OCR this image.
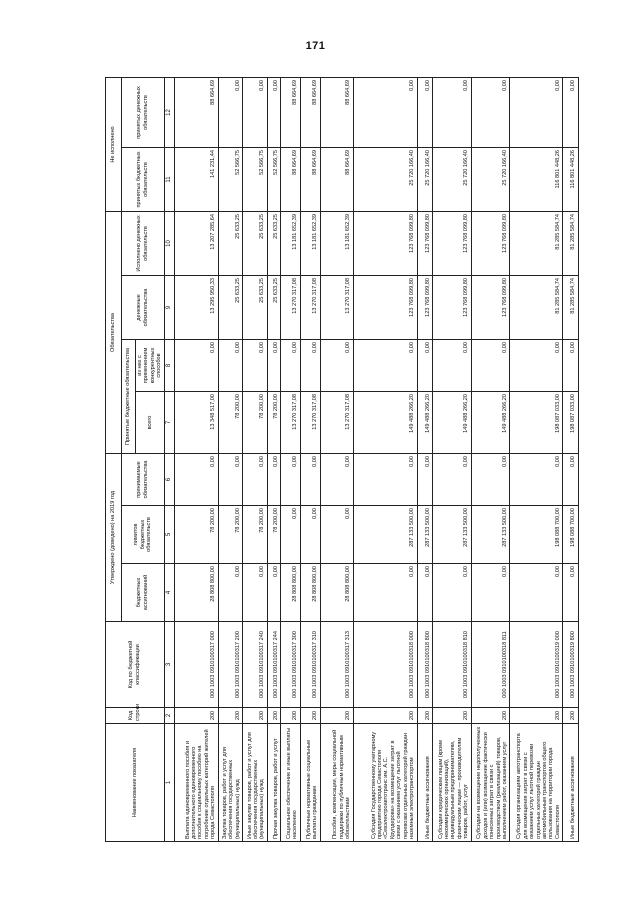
171
Наименование показателя	Код строки	Код по бюджетной классификации	Утверждено (доведено) на 2019 год			Обязательства				Не исполнено	
			бюджетных ассигнований	лимитов бюджетных обязательств	принимаемые обязательства	Принятые бюджетные обязательства		денежные обязательства	Исполнено денежных обязательств	принятых бюджетных обязательств	принятых денежных обязательств
						всего	из них с применением конкурентных способов				

1	2	3	4	5	6	7	8	9	10	11	12
Выплата единовременного пособия и дополнительного единовременного пособия к социальному пособию на погребение отдельных категорий жителей города Севастополя	200	000 1003 0910100317 000	28 808 800,00	78 200,00	0,00	13 348 517,00	0,00	13 295 950,33	13 207 285,64	141 231,44	88 664,69
Закупка товаров, работ и услуг для обеспечения государственных (муниципальных) нужд	200	000 1003 0910100317 200	0,00	78 200,00	0,00	78 200,00	0,00	25 633,25	25 633,25	52 566,75	0,00
Иные закупки товаров, работ и услуг для обеспечения государственных (муниципальных) нужд	200	000 1003 0910100317 240	0,00	78 200,00	0,00	78 200,00	0,00	25 633,25	25 633,25	52 566,75	0,00
Прочая закупка товаров, работ и услуг	200	000 1003 0910100317 244	0,00	78 200,00	0,00	78 200,00	0,00	25 633,25	25 633,25	52 566,75	0,00
Социальное обеспечение и иные выплаты населению	200	000 1003 0910100317 300	28 808 800,00	0,00	0,00	13 270 317,08	0,00	13 270 317,08	13 181 652,39	88 664,69	88 664,69
Публичные нормативные социальные выплаты гражданам	200	000 1003 0910100317 310	28 808 800,00	0,00	0,00	13 270 317,08	0,00	13 270 317,08	13 181 652,39	88 664,69	88 664,69
Пособия, компенсации, меры социальной поддержки по публичным нормативным обязательствам	200	000 1003 0910100317 313	28 808 800,00	0,00	0,00	13 270 317,08	0,00	13 270 317,08	13 181 652,39	88 664,69	88 664,69
Субсидия Государственному унитарному предприятию города Севастополя «Севэлектроавтотранс им. А.С. Крупдерова» на возмещение затрат в связи с оказанием услуг льготной перевозки отдельных категорий граждан наземным электротранспортом	200	000 1003 0910100318 000	0,00	287 133 500,00	0,00	149 488 266,20	0,00	123 768 099,80	123 768 099,80	25 720 166,40	0,00
Иные бюджетные ассигнования	200	000 1003 0910100318 800	0,00	287 133 500,00	0,00	149 488 266,20	0,00	123 768 099,80	123 768 099,80	25 720 166,40	0,00
Субсидии юридическим лицам (кроме некоммерческих организаций), индивидуальным предпринимателям, физическим лицам — производителям товаров, работ, услуг	200	000 1003 0910100318 810	0,00	287 133 500,00	0,00	149 488 266,20	0,00	123 768 099,80	123 768 099,80	25 720 166,40	0,00
Субсидии на возмещение недополученных доходов и (или) возмещение фактически понесенных затрат в связи с производством (реализацией) товаров, выполнением работ, оказанием услуг	200	000 1003 0910100318 811	0,00	287 133 500,00	0,00	149 488 266,20	0,00	123 768 099,80	123 768 099,80	25 720 166,40	0,00
Субсидия организациям автотранспорта для возмещения затрат в связи с оказанием услуг льготной перевозки отдельных категорий граждан автомобильным транспортом общего пользования на территории города Севастополя	200	000 1003 0910100319 000	0,00	198 088 700,00	0,00	198 087 033,00	0,00	81 285 584,74	81 285 584,74	116 801 448,26	0,00
Иные бюджетные ассигнования	200	000 1003 0910100319 800	0,00	198 088 700,00	0,00	198 087 033,00	0,00	81 285 584,74	81 285 584,74	116 801 448,26	0,00
